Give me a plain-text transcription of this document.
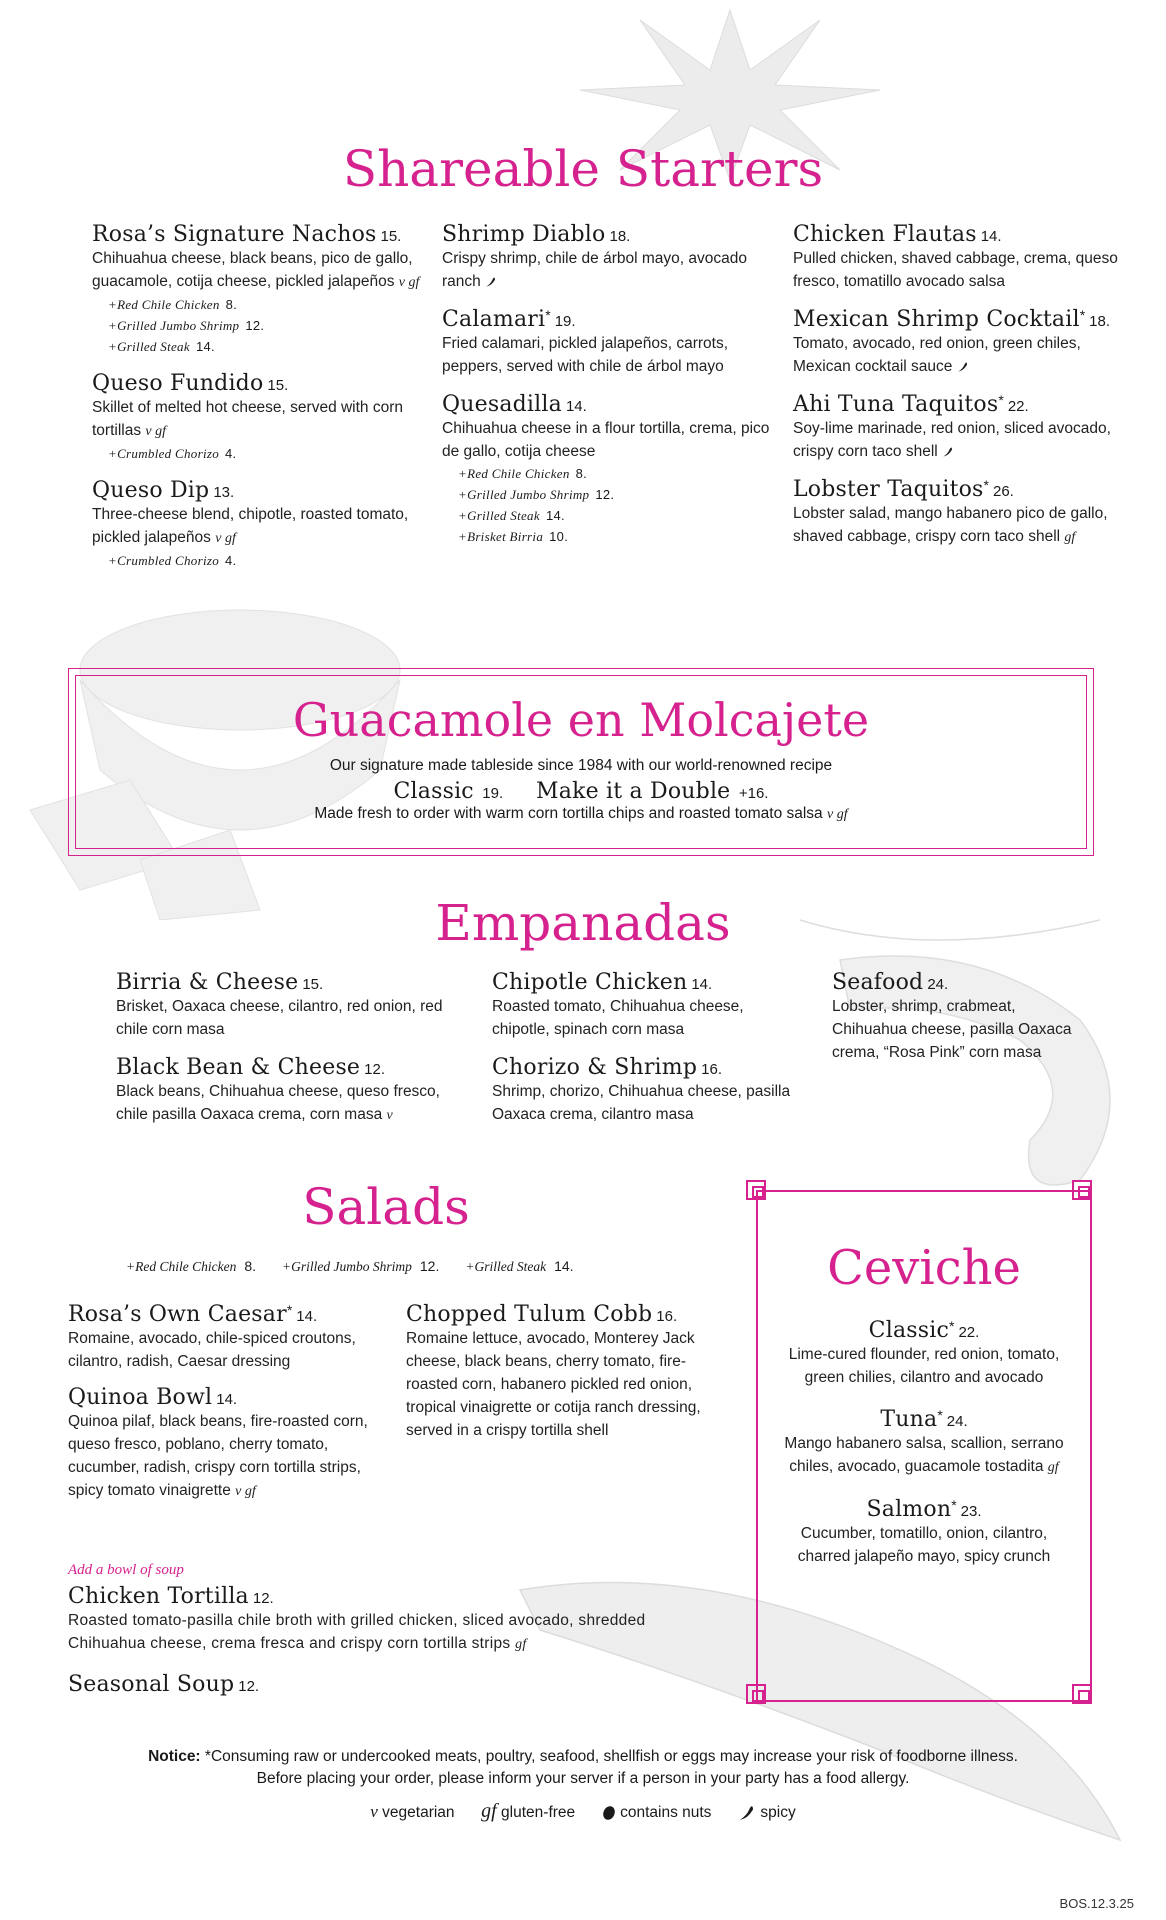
Shareable Starters
Rosa’s Signature Nachos 15.
Chihuahua cheese, black beans, pico de gallo, guacamole, cotija cheese, pickled jalapeños v gf
+Red Chile Chicken 8.
+Grilled Jumbo Shrimp 12.
+Grilled Steak 14.
Queso Fundido 15.
Skillet of melted hot cheese, served with corn tortillas v gf
+Crumbled Chorizo 4.
Queso Dip 13.
Three-cheese blend, chipotle, roasted tomato, pickled jalapeños v gf
+Crumbled Chorizo 4.
Shrimp Diablo 18.
Crispy shrimp, chile de árbol mayo, avocado ranch
Calamari* 19.
Fried calamari, pickled jalapeños, carrots, peppers, served with chile de árbol mayo
Quesadilla 14.
Chihuahua cheese in a flour tortilla, crema, pico de gallo, cotija cheese
+Red Chile Chicken 8.
+Grilled Jumbo Shrimp 12.
+Grilled Steak 14.
+Brisket Birria 10.
Chicken Flautas 14.
Pulled chicken, shaved cabbage, crema, queso fresco, tomatillo avocado salsa
Mexican Shrimp Cocktail* 18.
Tomato, avocado, red onion, green chiles, Mexican cocktail sauce
Ahi Tuna Taquitos* 22.
Soy-lime marinade, red onion, sliced avocado, crispy corn taco shell
Lobster Taquitos* 26.
Lobster salad, mango habanero pico de gallo, shaved cabbage, crispy corn taco shell gf
Guacamole en Molcajete
Our signature made tableside since 1984 with our world-renowned recipe
Classic 19. Make it a Double +16.
Made fresh to order with warm corn tortilla chips and roasted tomato salsa v gf
Empanadas
Birria & Cheese 15.
Brisket, Oaxaca cheese, cilantro, red onion, red chile corn masa
Black Bean & Cheese 12.
Black beans, Chihuahua cheese, queso fresco, chile pasilla Oaxaca crema, corn masa v
Chipotle Chicken 14.
Roasted tomato, Chihuahua cheese, chipotle, spinach corn masa
Chorizo & Shrimp 16.
Shrimp, chorizo, Chihuahua cheese, pasilla Oaxaca crema, cilantro masa
Seafood 24.
Lobster, shrimp, crabmeat, Chihuahua cheese, pasilla Oaxaca crema, “Rosa Pink” corn masa
Salads
+Red Chile Chicken 8. +Grilled Jumbo Shrimp 12. +Grilled Steak 14.
Rosa’s Own Caesar* 14.
Romaine, avocado, chile-spiced croutons, cilantro, radish, Caesar dressing
Quinoa Bowl 14.
Quinoa pilaf, black beans, fire-roasted corn, queso fresco, poblano, cherry tomato, cucumber, radish, crispy corn tortilla strips, spicy tomato vinaigrette v gf
Chopped Tulum Cobb 16.
Romaine lettuce, avocado, Monterey Jack cheese, black beans, cherry tomato, fire-roasted corn, habanero pickled red onion, tropical vinaigrette or cotija ranch dressing, served in a crispy tortilla shell
Add a bowl of soup
Chicken Tortilla 12.
Roasted tomato-pasilla chile broth with grilled chicken, sliced avocado, shredded Chihuahua cheese, crema fresca and crispy corn tortilla strips gf
Seasonal Soup 12.
Ceviche
Classic* 22.
Lime-cured flounder, red onion, tomato, green chilies, cilantro and avocado
Tuna* 24.
Mango habanero salsa, scallion, serrano chiles, avocado, guacamole tostadita gf
Salmon* 23.
Cucumber, tomatillo, onion, cilantro, charred jalapeño mayo, spicy crunch
Notice: *Consuming raw or undercooked meats, poultry, seafood, shellfish or eggs may increase your risk of foodborne illness.
Before placing your order, please inform your server if a person in your party has a food allergy.
v vegetarian gf gluten-free	contains nuts	spicy
BOS.12.3.25
